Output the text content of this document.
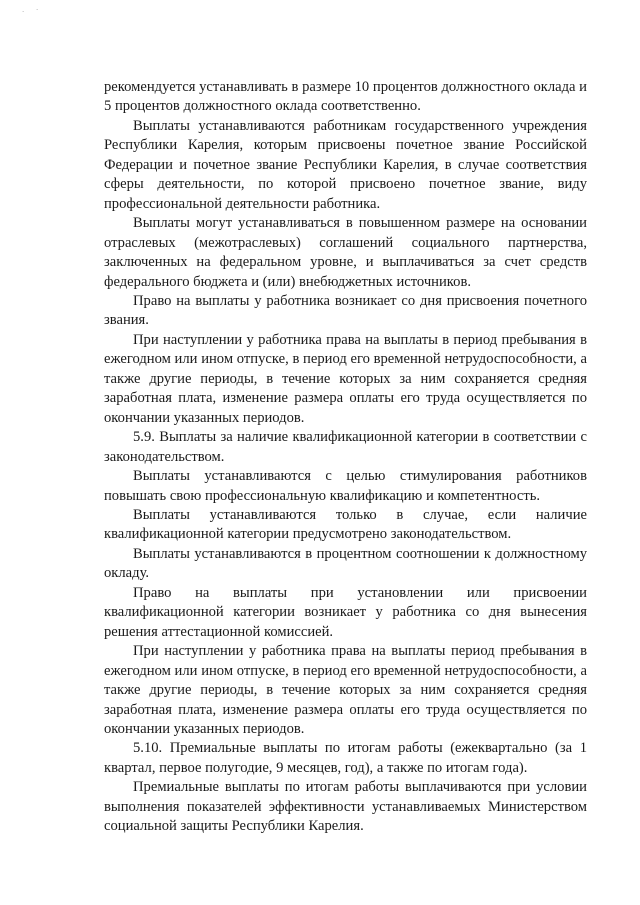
· ·

рекомендуется устанавливать в размере 10 процентов должностного оклада и 5 процентов должностного оклада соответственно.

Выплаты устанавливаются работникам государственного учреждения Республики Карелия, которым присвоены почетное звание Российской Федерации и почетное звание Республики Карелия, в случае соответствия сферы деятельности, по которой присвоено почетное звание, виду профессиональной деятельности работника.

Выплаты могут устанавливаться в повышенном размере на основании отраслевых (межотраслевых) соглашений социального партнерства, заключенных на федеральном уровне, и выплачиваться за счет средств федерального бюджета и (или) внебюджетных источников.

Право на выплаты у работника возникает со дня присвоения почетного звания.

При наступлении у работника права на выплаты в период пребывания в ежегодном или ином отпуске, в период его временной нетрудоспособности, а также другие периоды, в течение которых за ним сохраняется средняя заработная плата, изменение размера оплаты его труда осуществляется по окончании указанных периодов.

5.9. Выплаты за наличие квалификационной категории в соответствии с законодательством.

Выплаты устанавливаются с целью стимулирования работников повышать свою профессиональную квалификацию и компетентность.

Выплаты устанавливаются только в случае, если наличие квалификационной категории предусмотрено законодательством.

Выплаты устанавливаются в процентном соотношении к должностному окладу.

Право на выплаты при установлении или присвоении квалификационной категории возникает у работника со дня вынесения решения аттестационной комиссией.

При наступлении у работника права на выплаты период пребывания в ежегодном или ином отпуске, в период его временной нетрудоспособности, а также другие периоды, в течение которых за ним сохраняется средняя заработная плата, изменение размера оплаты его труда осуществляется по окончании указанных периодов.

5.10. Премиальные выплаты по итогам работы (ежеквартально (за 1 квартал, первое полугодие, 9 месяцев, год), а также по итогам года).

Премиальные выплаты по итогам работы выплачиваются при условии выполнения показателей эффективности устанавливаемых Министерством социальной защиты Республики Карелия.
